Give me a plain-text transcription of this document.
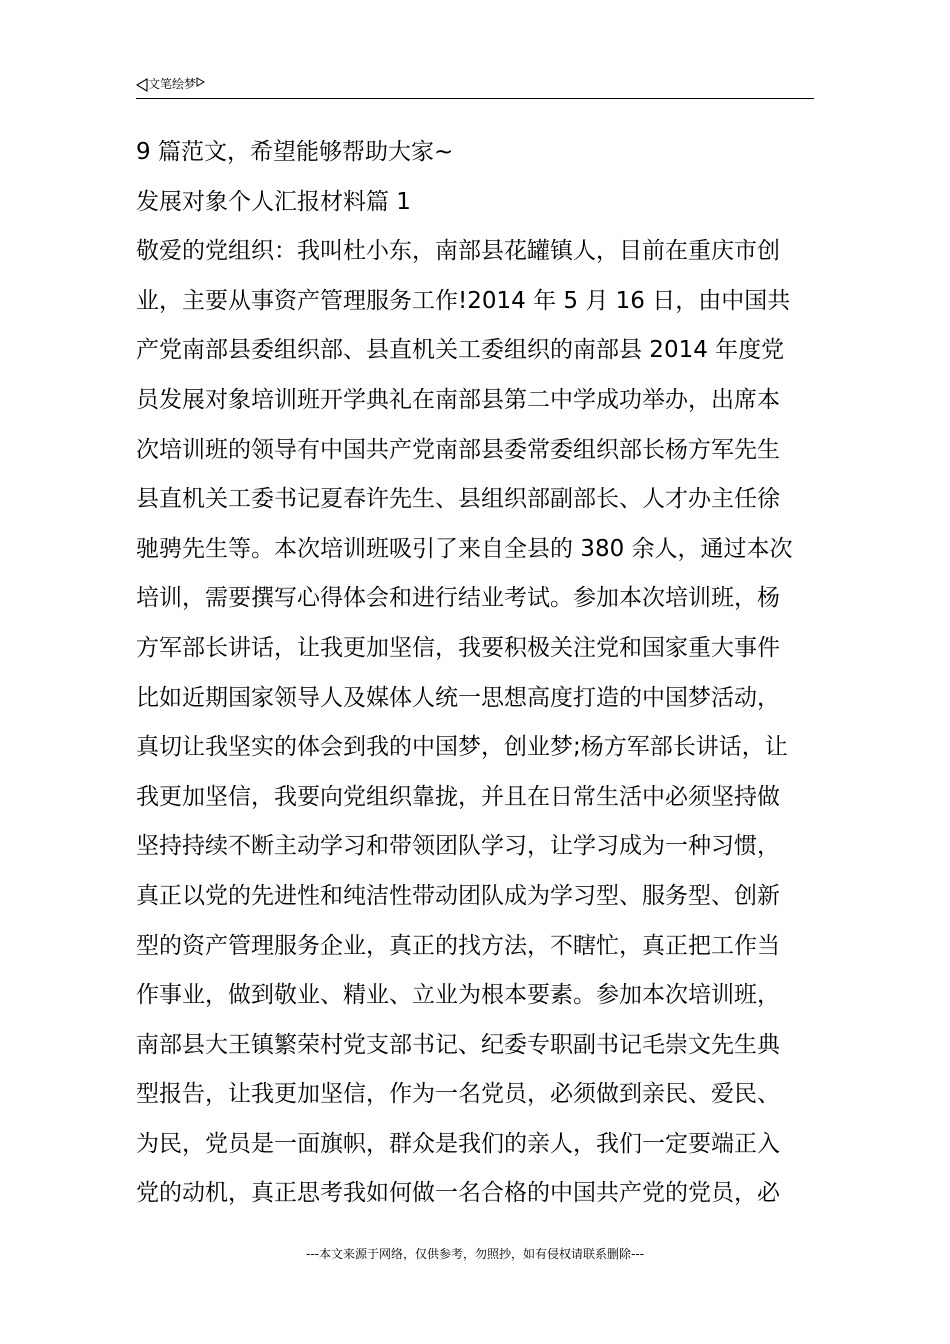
文笔绘梦
9 篇范文，希望能够帮助大家~
发展对象个人汇报材料篇 1
敬爱的党组织：我叫杜小东，南部县花罐镇人，目前在重庆市创
业，主要从事资产管理服务工作!2014 年 5 月 16 日，由中国共
产党南部县委组织部、县直机关工委组织的南部县 2014 年度党
员发展对象培训班开学典礼在南部县第二中学成功举办，出席本
次培训班的领导有中国共产党南部县委常委组织部长杨方军先生
县直机关工委书记夏春许先生、县组织部副部长、人才办主任徐
驰骋先生等。本次培训班吸引了来自全县的 380 余人，通过本次
培训，需要撰写心得体会和进行结业考试。参加本次培训班，杨
方军部长讲话，让我更加坚信，我要积极关注党和国家重大事件
比如近期国家领导人及媒体人统一思想高度打造的中国梦活动，
真切让我坚实的体会到我的中国梦，创业梦;杨方军部长讲话，让
我更加坚信，我要向党组织靠拢，并且在日常生活中必须坚持做
坚持持续不断主动学习和带领团队学习，让学习成为一种习惯，
真正以党的先进性和纯洁性带动团队成为学习型、服务型、创新
型的资产管理服务企业，真正的找方法，不瞎忙，真正把工作当
作事业，做到敬业、精业、立业为根本要素。参加本次培训班，
南部县大王镇繁荣村党支部书记、纪委专职副书记毛崇文先生典
型报告，让我更加坚信，作为一名党员，必须做到亲民、爱民、
为民，党员是一面旗帜，群众是我们的亲人，我们一定要端正入
党的动机，真正思考我如何做一名合格的中国共产党的党员，必
---本文来源于网络，仅供参考，勿照抄，如有侵权请联系删除---
